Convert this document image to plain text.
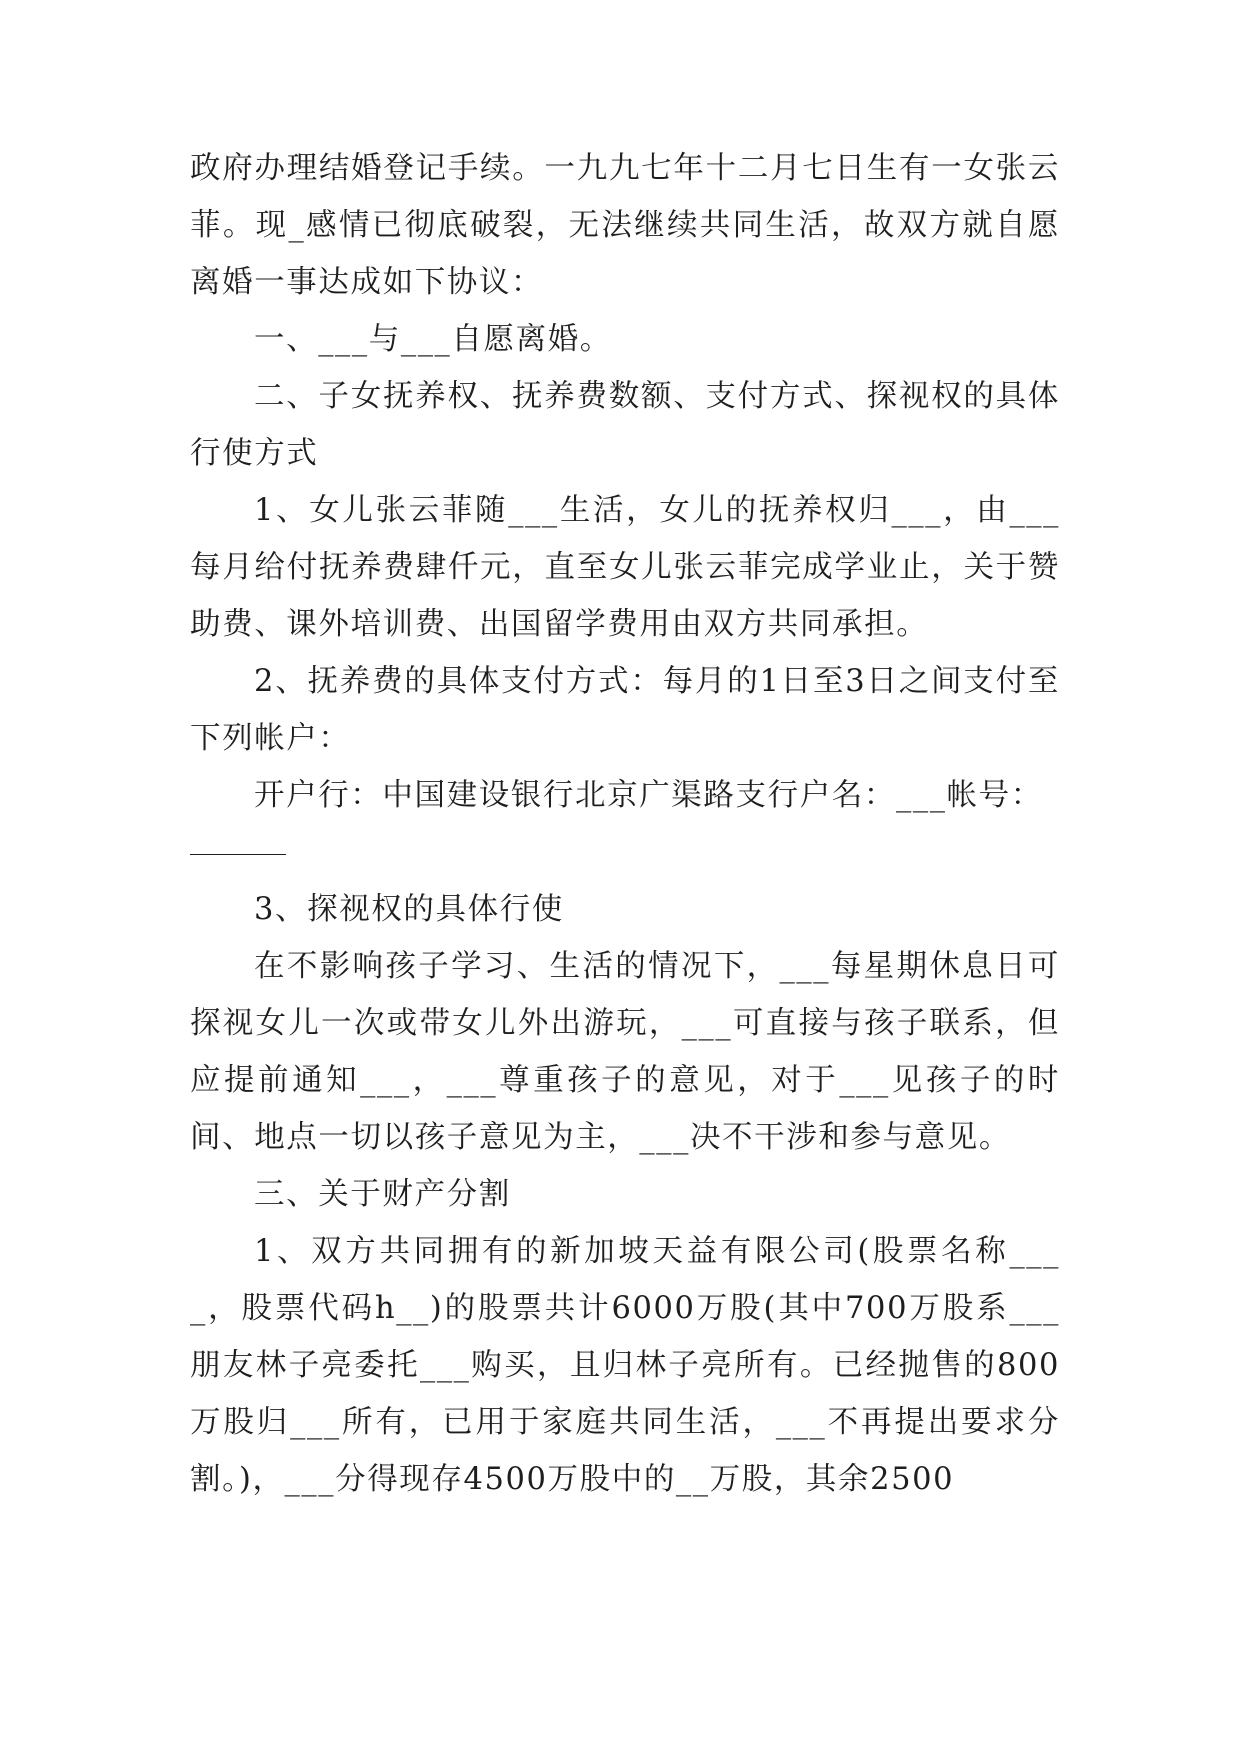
政府办理结婚登记手续。一九九七年十二月七日生有一女张云菲。现_感情已彻底破裂，无法继续共同生活，故双方就自愿离婚一事达成如下协议：

一、___与___自愿离婚。

二、子女抚养权、抚养费数额、支付方式、探视权的具体行使方式

1、女儿张云菲随___生活，女儿的抚养权归___，由___每月给付抚养费肆仟元，直至女儿张云菲完成学业止，关于赞助费、课外培训费、出国留学费用由双方共同承担。

2、抚养费的具体支付方式：每月的1日至3日之间支付至下列帐户：

开户行：中国建设银行北京广渠路支行户名：___帐号：

3、探视权的具体行使

在不影响孩子学习、生活的情况下，___每星期休息日可探视女儿一次或带女儿外出游玩，___可直接与孩子联系，但应提前通知___，___尊重孩子的意见，对于___见孩子的时间、地点一切以孩子意见为主，___决不干涉和参与意见。

三、关于财产分割

1、双方共同拥有的新加坡天益有限公司(股票名称____，股票代码h__)的股票共计6000万股(其中700万股系___朋友林子亮委托___购买，且归林子亮所有。已经抛售的800万股归___所有，已用于家庭共同生活，___不再提出要求分割。)，___分得现存4500万股中的__万股，其余2500
